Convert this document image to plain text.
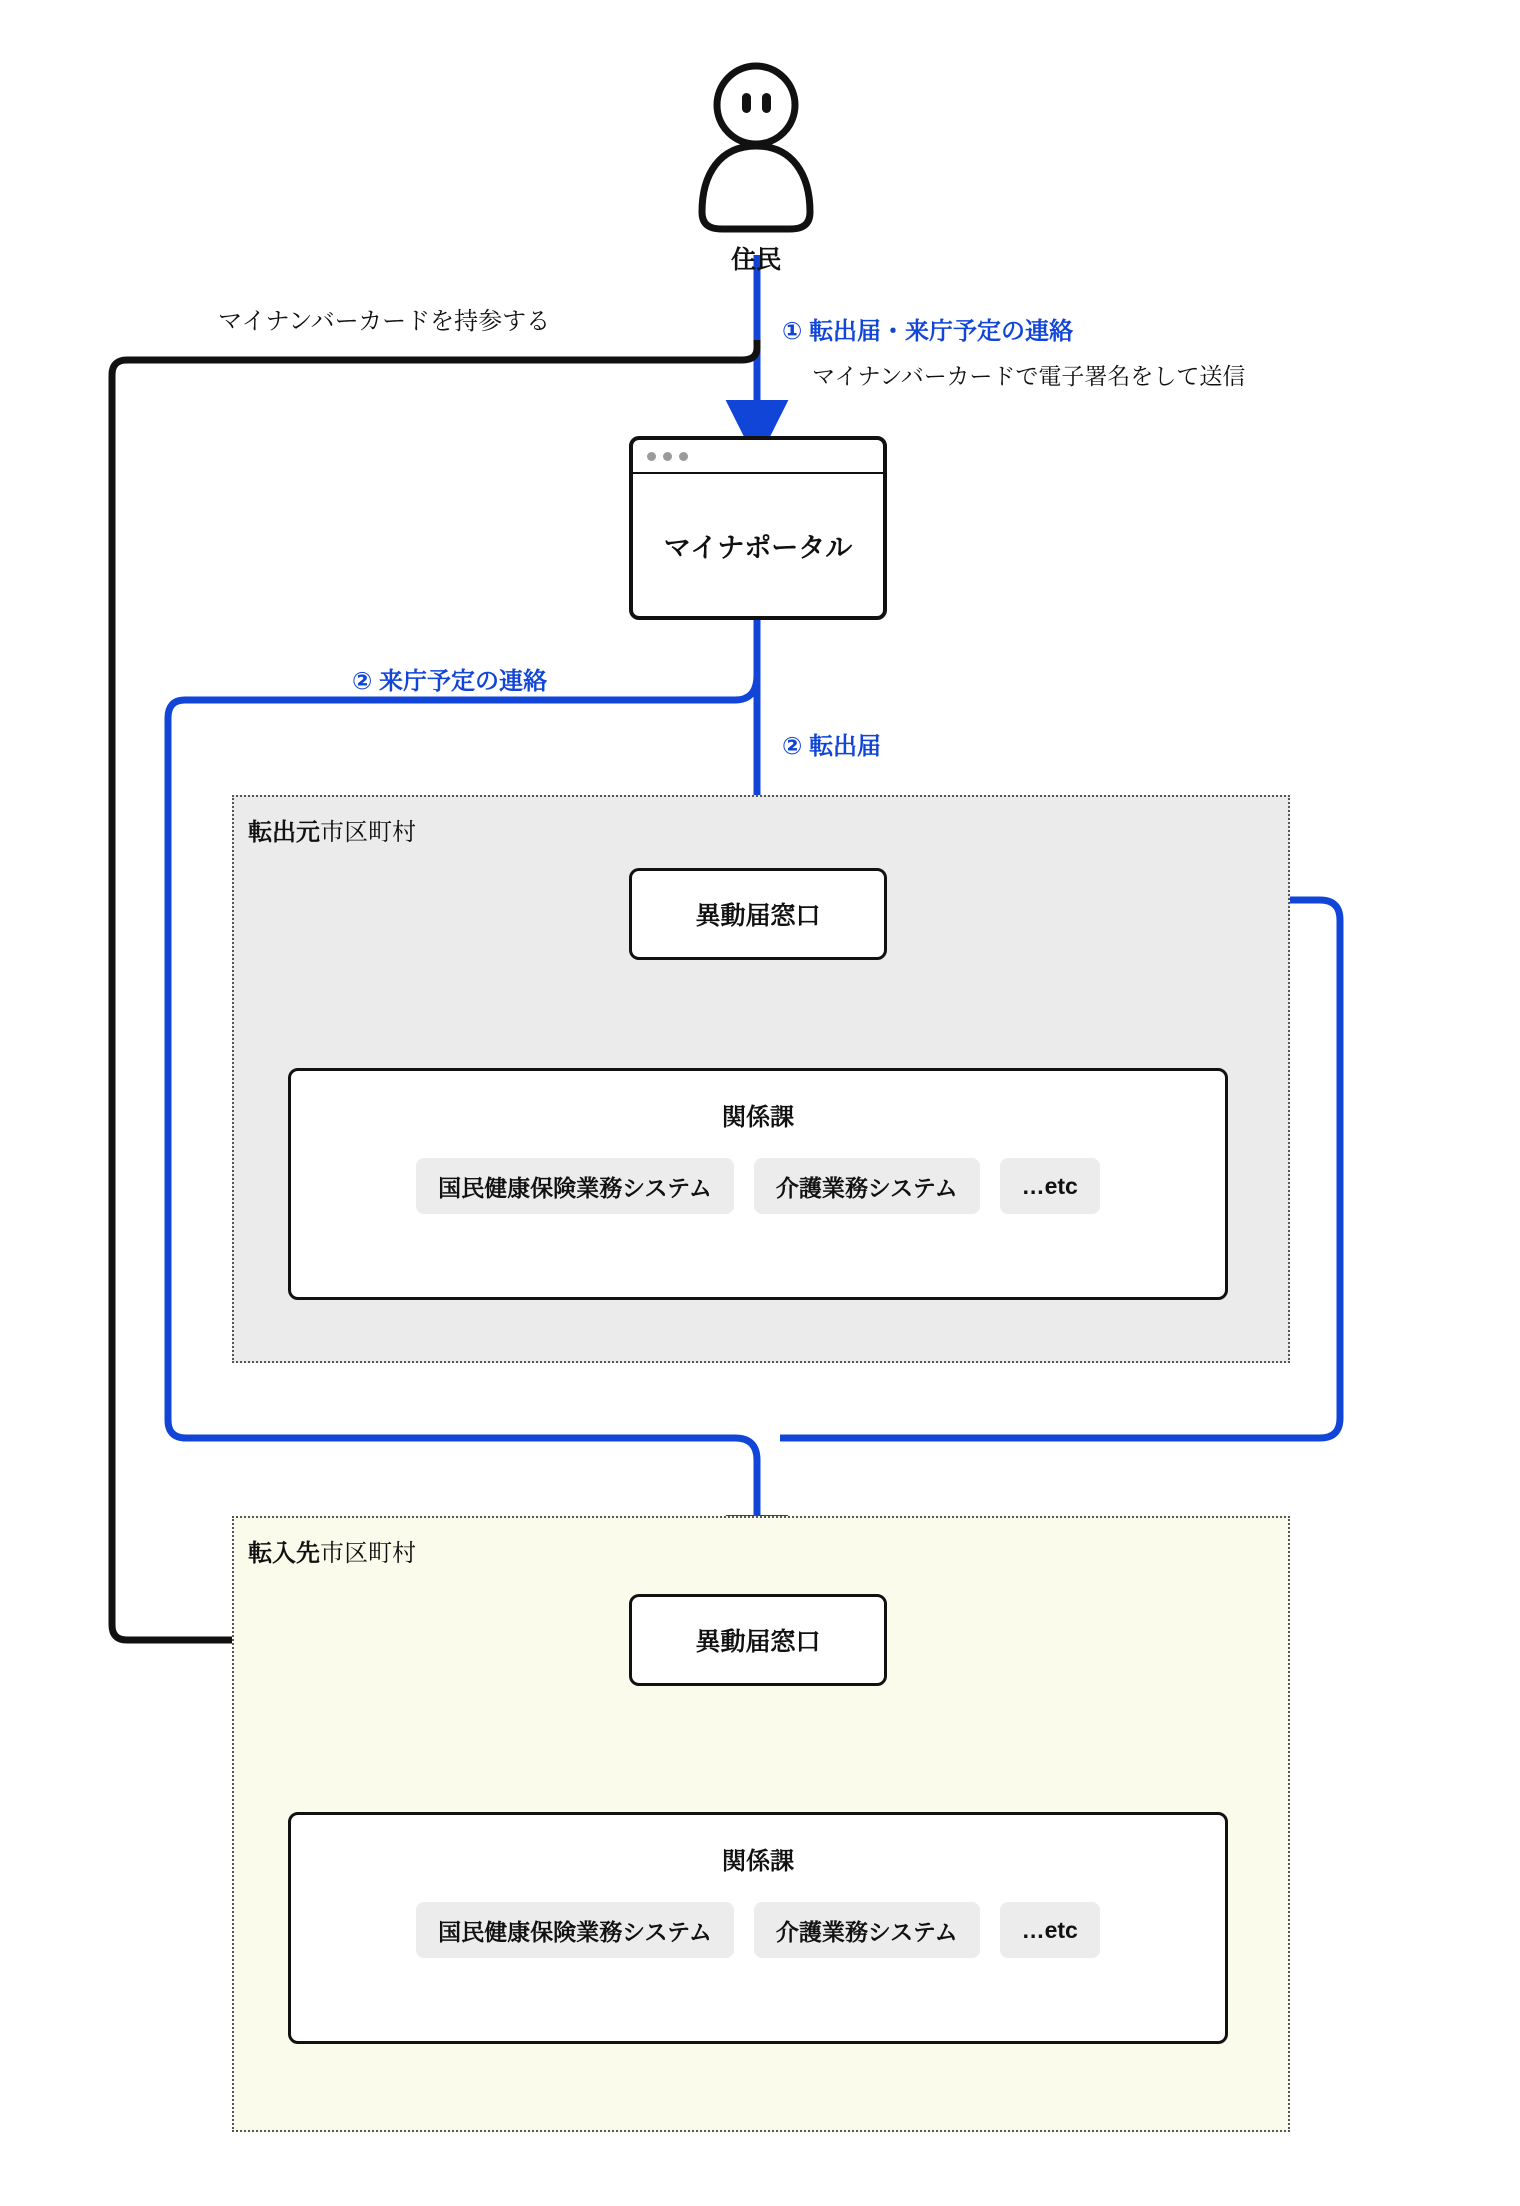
住民
マイナンバーカードを持参する	① 転出届・来庁予定の連絡
マイナンバーカードで電子署名をして送信
② 来庁予定の連絡
② 転出届
マイナポータル
転出元市区町村
異動届窓口
関係課
国民健康保険業務システム	介護業務システム	…etc
転入先市区町村
異動届窓口
関係課
国民健康保険業務システム	介護業務システム	…etc
